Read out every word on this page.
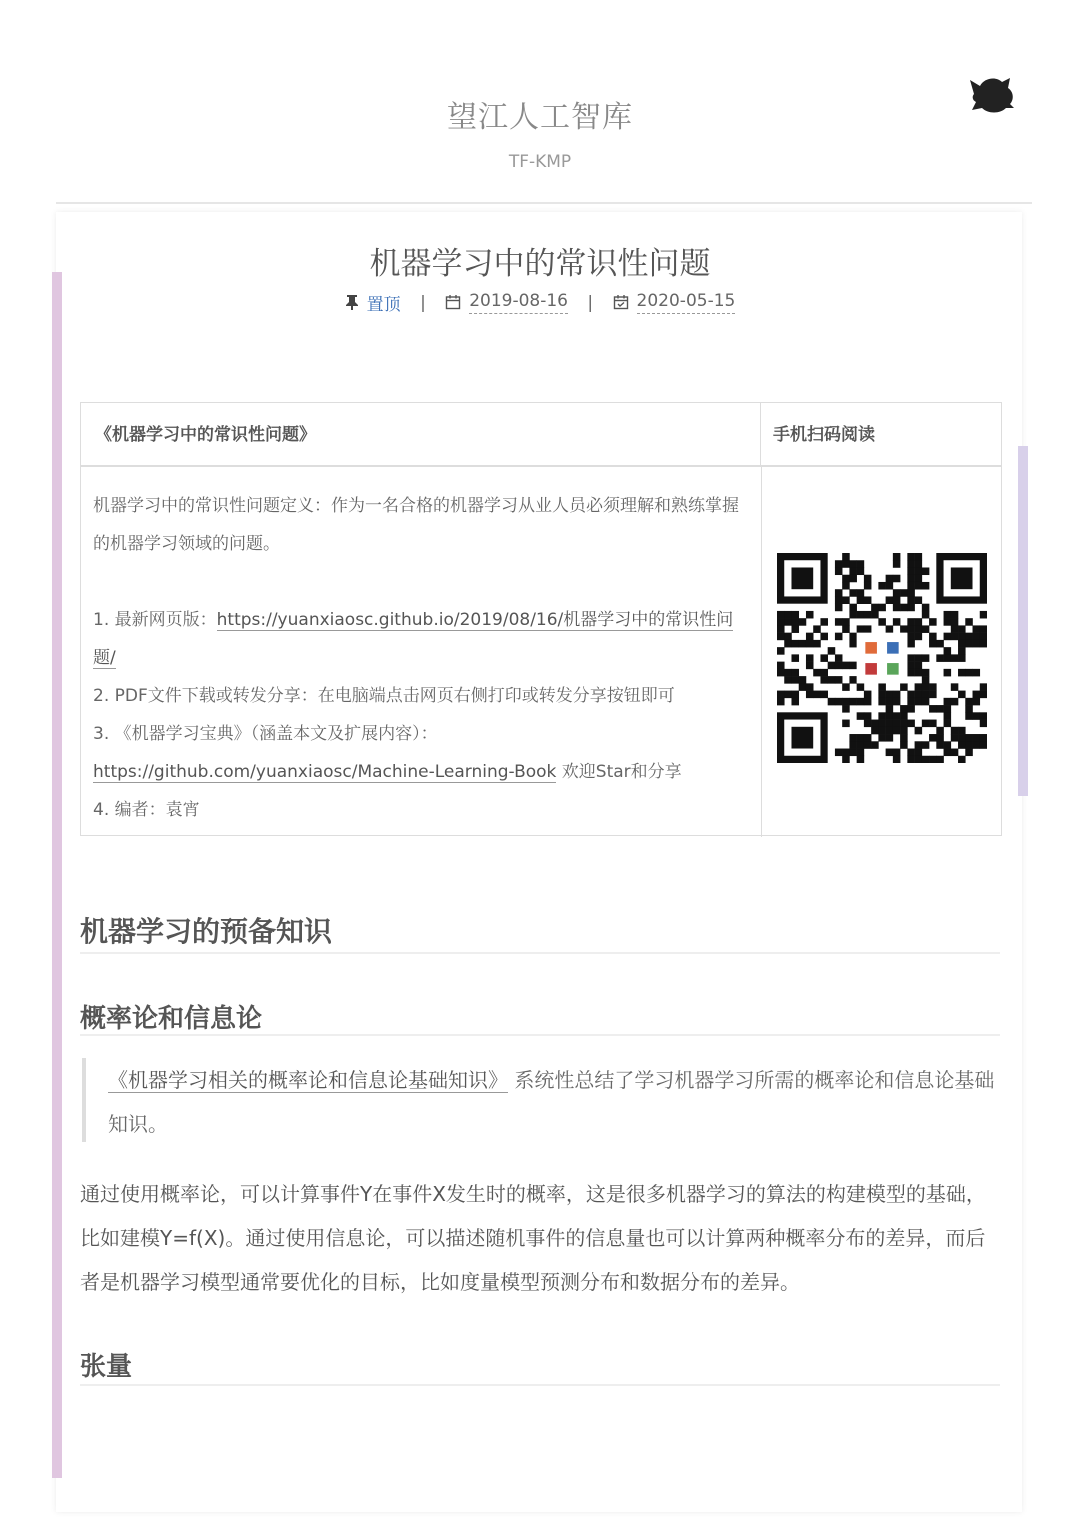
望江人工智库
TF-KMP
机器学习中的常识性问题
置顶 |	2019-08-16 |	2020-05-15
《机器学习中的常识性问题》	手机扫码阅读

机器学习中的常识性问题定义：作为一名合格的机器学习从业人员必须理解和熟练掌握的机器学习领域的问题。

1. 最新网页版：https://yuanxiaosc.github.io/2019/08/16/机器学习中的常识性问题/

2. PDF文件下载或转发分享：在电脑端点击网页右侧打印或转发分享按钮即可

3. 《机器学习宝典》（涵盖本文及扩展内容）：

https://github.com/yuanxiaosc/Machine-Learning-Book 欢迎Star和分享

4. 编者：袁宵

机器学习的预备知识
概率论和信息论
《机器学习相关的概率论和信息论基础知识》 系统性总结了学习机器学习所需的概率论和信息论基础知识。

通过使用概率论，可以计算事件Y在事件X发生时的概率，这是很多机器学习的算法的构建模型的基础，比如建模Y=f(X)。通过使用信息论，可以描述随机事件的信息量也可以计算两种概率分布的差异，而后者是机器学习模型通常要优化的目标，比如度量模型预测分布和数据分布的差异。

张量
